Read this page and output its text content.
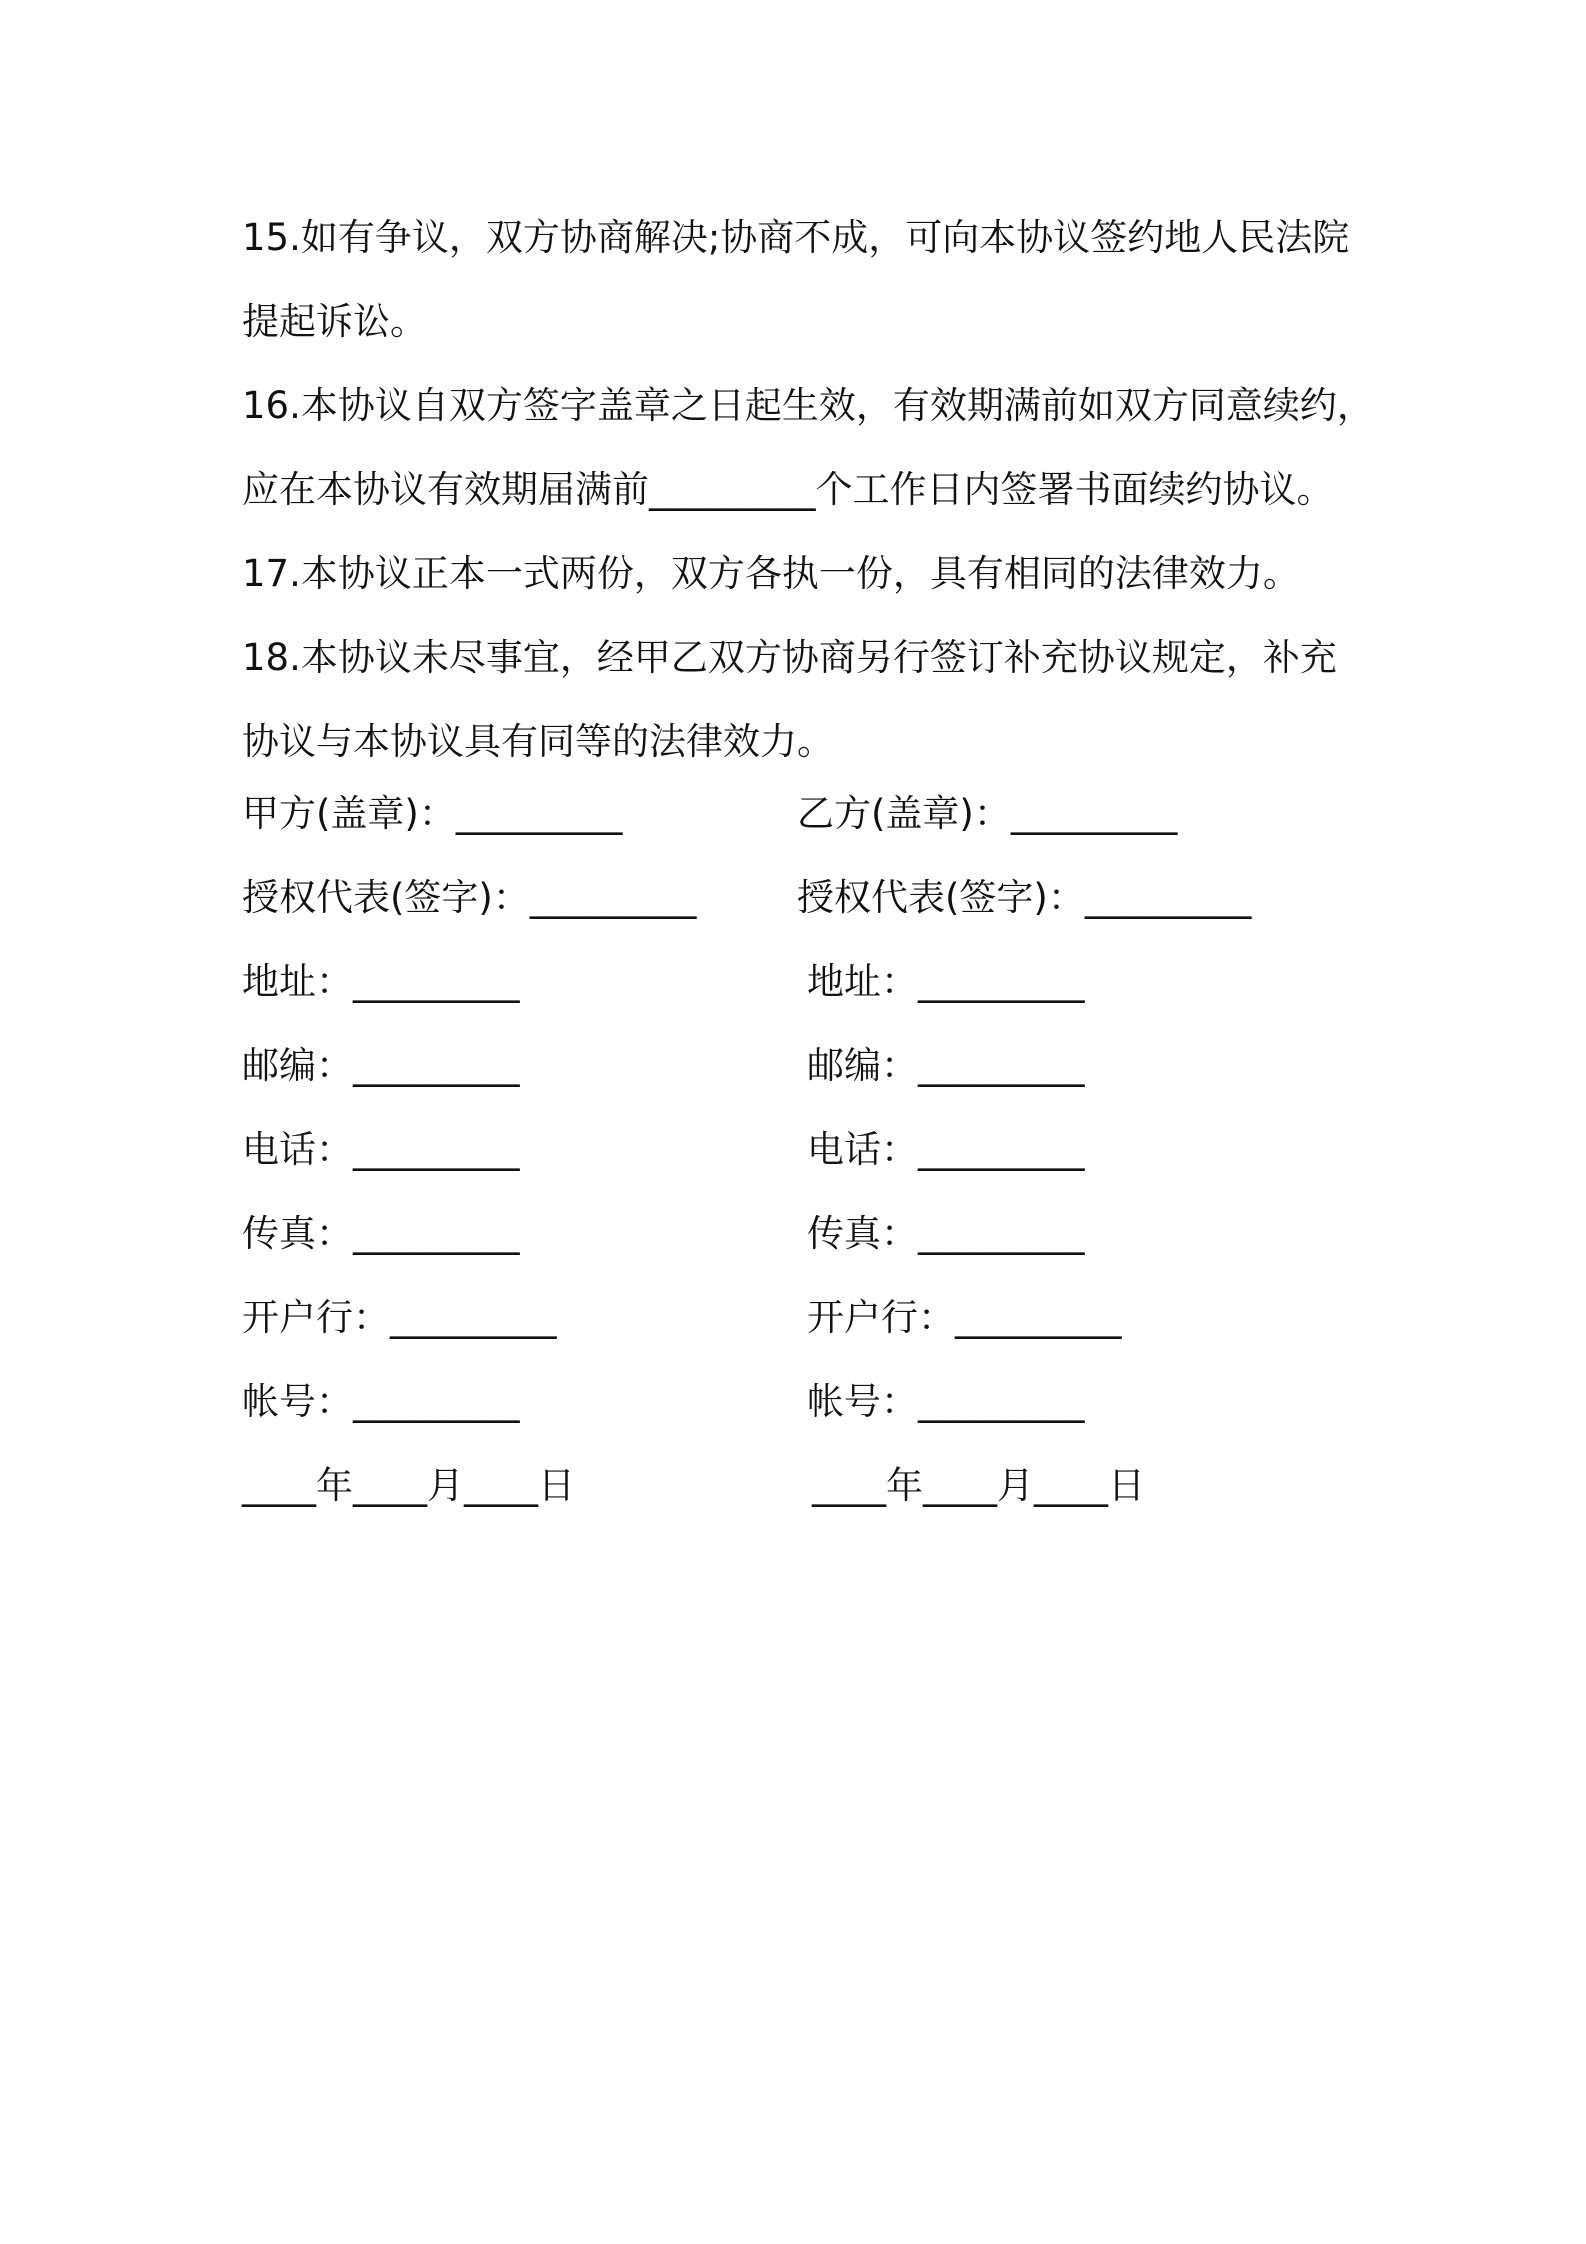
15.如有争议，双方协商解决;协商不成，可向本协议签约地人民法院
提起诉讼。
16.本协议自双方签字盖章之日起生效，有效期满前如双方同意续约，
应在本协议有效期届满前_________个工作日内签署书面续约协议。
17.本协议正本一式两份，双方各执一份，具有相同的法律效力。
18.本协议未尽事宜，经甲乙双方协商另行签订补充协议规定，补充
协议与本协议具有同等的法律效力。
甲方(盖章)：_________	乙方(盖章)：_________
授权代表(签字)：_________	授权代表(签字)：_________
地址：_________	地址：_________
邮编：_________	邮编：_________
电话：_________	电话：_________
传真：_________	传真：_________
开户行：_________	开户行：_________
帐号：_________	帐号：_________
____年____月____日	____年____月____日
